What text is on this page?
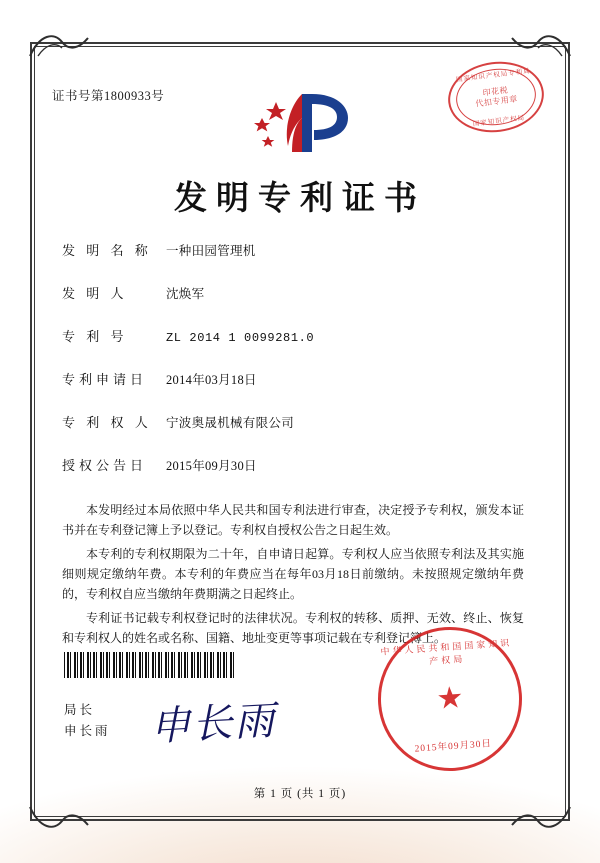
证书号第1800933号
国家知识产权局专利局
印花税
代扣专用章
国家知识产权局
发明专利证书
发 明 名 称	一种田园管理机
发 明 人	沈焕军
专 利 号	ZL 2014 1 0099281.0
专利申请日	2014年03月18日
专 利 权 人	宁波奥晟机械有限公司
授权公告日	2015年09月30日

本发明经过本局依照中华人民共和国专利法进行审查，决定授予专利权，颁发本证书并在专利登记簿上予以登记。专利权自授权公告之日起生效。

本专利的专利权期限为二十年，自申请日起算。专利权人应当依照专利法及其实施细则规定缴纳年费。本专利的年费应当在每年03月18日前缴纳。未按照规定缴纳年费的，专利权自应当缴纳年费期满之日起终止。

专利证书记载专利权登记时的法律状况。专利权的转移、质押、无效、终止、恢复和专利权人的姓名或名称、国籍、地址变更等事项记载在专利登记簿上。

局长
申长雨 申长雨
中华人民共和国国家知识产权局
★
2015年09月30日
第 1 页 (共 1 页)
